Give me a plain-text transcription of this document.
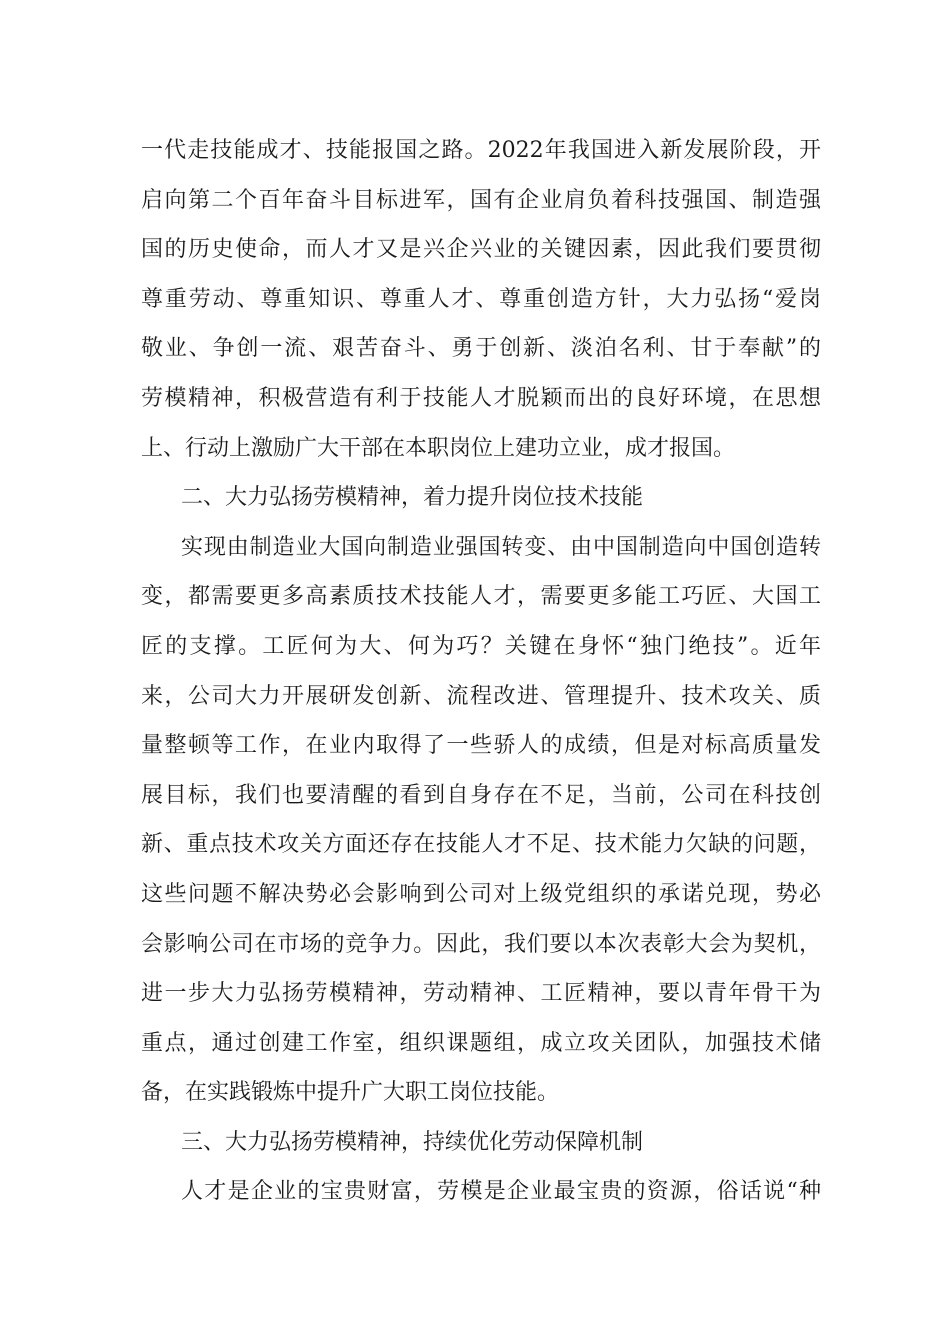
一代走技能成才、技能报国之路。2022年我国进入新发展阶段，开
启向第二个百年奋斗目标进军，国有企业肩负着科技强国、制造强
国的历史使命，而人才又是兴企兴业的关键因素，因此我们要贯彻
尊重劳动、尊重知识、尊重人才、尊重创造方针，大力弘扬“爱岗
敬业、争创一流、艰苦奋斗、勇于创新、淡泊名利、甘于奉献”的
劳模精神，积极营造有利于技能人才脱颖而出的良好环境，在思想
上、行动上激励广大干部在本职岗位上建功立业，成才报国。
二、大力弘扬劳模精神，着力提升岗位技术技能
实现由制造业大国向制造业强国转变、由中国制造向中国创造转
变，都需要更多高素质技术技能人才，需要更多能工巧匠、大国工
匠的支撑。工匠何为大、何为巧？关键在身怀“独门绝技”。近年
来，公司大力开展研发创新、流程改进、管理提升、技术攻关、质
量整顿等工作，在业内取得了一些骄人的成绩，但是对标高质量发
展目标，我们也要清醒的看到自身存在不足，当前，公司在科技创
新、重点技术攻关方面还存在技能人才不足、技术能力欠缺的问题，
这些问题不解决势必会影响到公司对上级党组织的承诺兑现，势必
会影响公司在市场的竞争力。因此，我们要以本次表彰大会为契机，
进一步大力弘扬劳模精神，劳动精神、工匠精神，要以青年骨干为
重点，通过创建工作室，组织课题组，成立攻关团队，加强技术储
备，在实践锻炼中提升广大职工岗位技能。
三、大力弘扬劳模精神，持续优化劳动保障机制
人才是企业的宝贵财富，劳模是企业最宝贵的资源，俗话说“种
